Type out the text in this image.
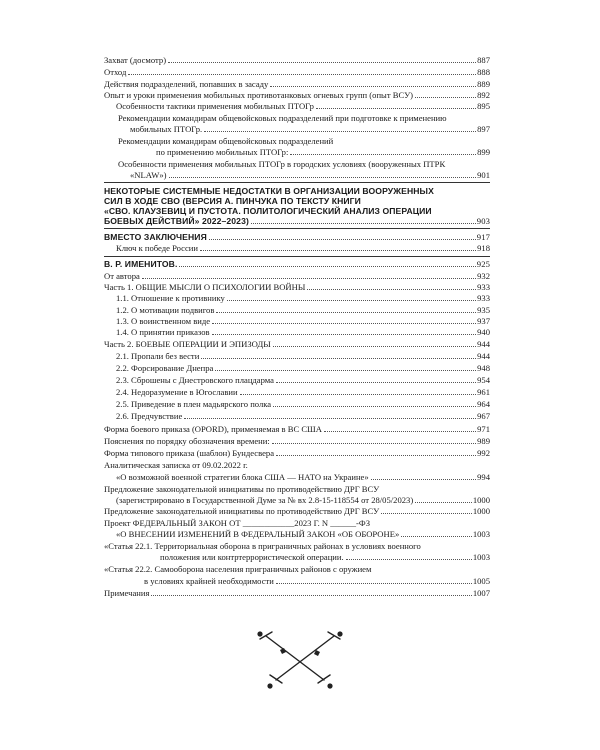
Захват (досмотр)	887
Отход	888
Действия подразделений, попавших в засаду	889
Опыт и уроки применения мобильных противотанковых огневых групп (опыт ВСУ)	892
Особенности тактики применения мобильных ПТОГр	895
Рекомендации командирам общевойсковых подразделений при подготовке к применению
мобильных ПТОГр.	897
Рекомендации командирам общевойсковых подразделений
по применению мобильных ПТОГр:	899
Особенности применения мобильных ПТОГр в городских условиях (вооруженных ПТРК
«NLAW»)	901
НЕКОТОРЫЕ СИСТЕМНЫЕ НЕДОСТАТКИ В ОРГАНИЗАЦИИ ВООРУЖЕННЫХ
СИЛ В ХОДЕ СВО (ВЕРСИЯ А. ПИНЧУКА ПО ТЕКСТУ КНИГИ
«СВО. КЛАУЗЕВИЦ И ПУСТОТА. ПОЛИТОЛОГИЧЕСКИЙ АНАЛИЗ ОПЕРАЦИИ
БОЕВЫХ ДЕЙСТВИЙ» 2022–2023)	903
ВМЕСТО ЗАКЛЮЧЕНИЯ	917
Ключ к победе России	918
В. Р. ИМЕНИТОВ.	925
От автора	932
Часть 1. ОБЩИЕ МЫСЛИ О ПСИХОЛОГИИ ВОЙНЫ	933
1.1. Отношение к противнику	933
1.2. О мотивации подвигов	935
1.3. О воинственном виде	937
1.4. О принятии приказов	940
Часть 2. БОЕВЫЕ ОПЕРАЦИИ И ЭПИЗОДЫ	944
2.1. Пропали без вести	944
2.2. Форсирование Днепра	948
2.3. Сброшены с Днестровского плацдарма	954
2.4. Недоразумение в Югославии	961
2.5. Приведение в плен мадьярского полка	964
2.6. Предчувствие	967
Форма боевого приказа (OPORD), применяемая в ВС США	971
Пояснения по порядку обозначения времени:	989
Форма типового приказа (шаблон) Бундесвера	992
Аналитическая записка от 09.02.2022 г.
«О возможной военной стратегии блока США — НАТО на Украине»	994
Предложение законодательной инициативы по противодействию ДРГ ВСУ
(зарегистрировано в Государственной Думе за № вх 2.8-15-118554 от 28/05/2023)	1000
Предложение законодательной инициативы по противодействию ДРГ ВСУ	1000
Проект ФЕДЕРАЛЬНЫЙ ЗАКОН ОТ ____________2023 Г. N ______-ФЗ
«О ВНЕСЕНИИ ИЗМЕНЕНИЙ В ФЕДЕРАЛЬНЫЙ ЗАКОН «ОБ ОБОРОНЕ»	1003
«Статья 22.1. Территориальная оборона в приграничных районах в условиях военного
положения или контртеррористической операции.	1003
«Статья 22.2. Самооборона населения приграничных районов с оружием
в условиях крайней необходимости	1005
Примечания	1007
